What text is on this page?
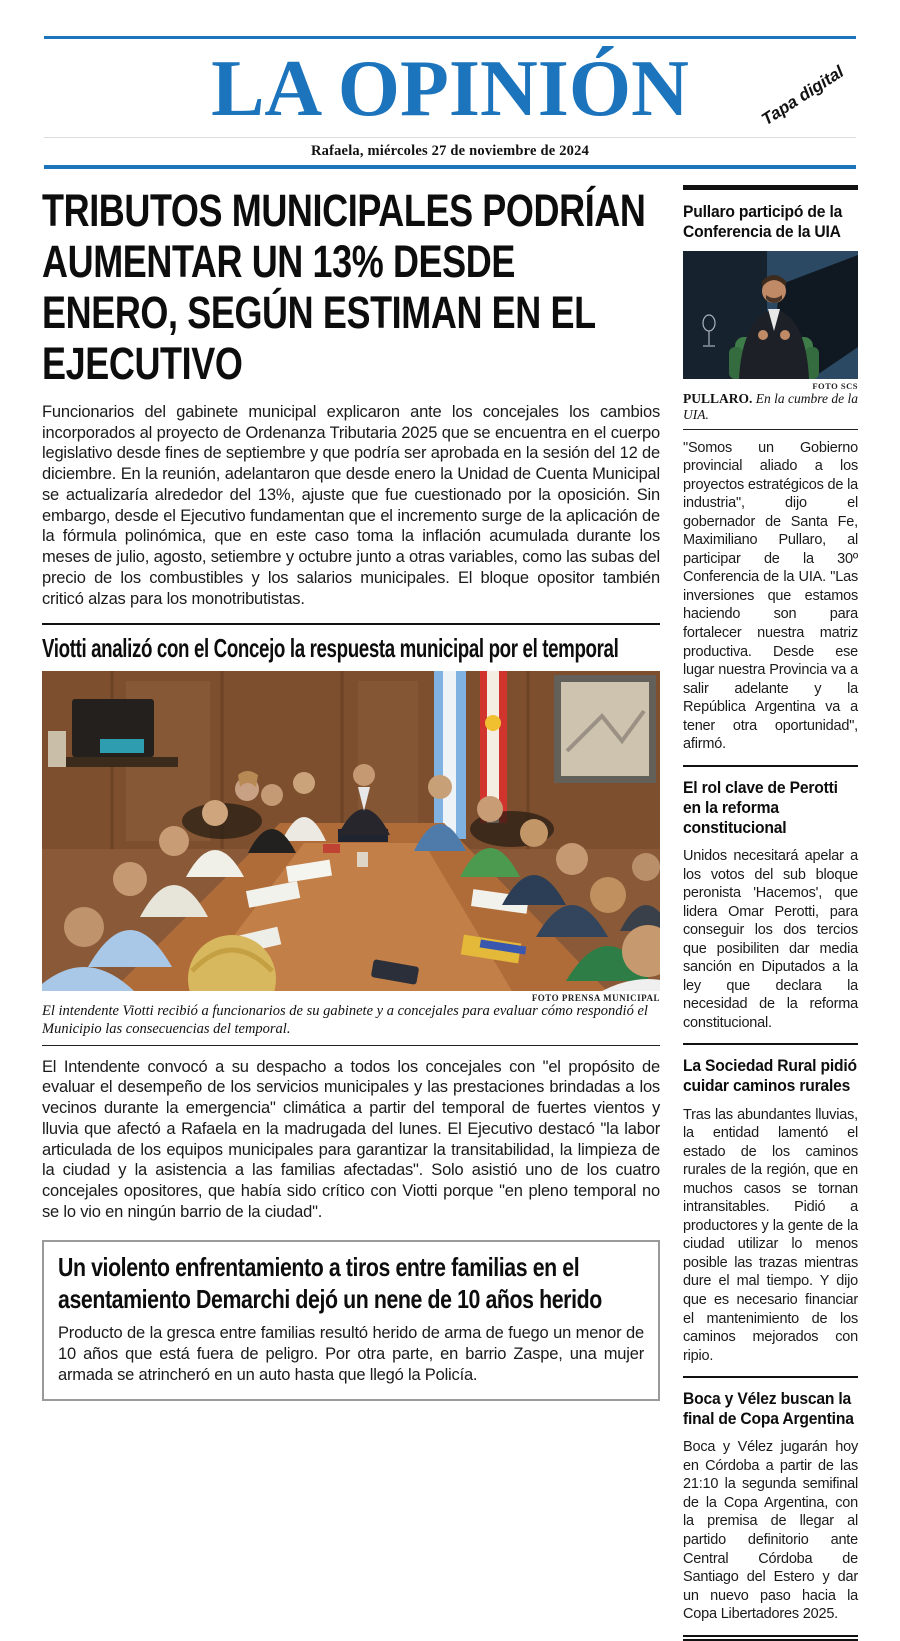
LA OPINIÓN	Tapa digital
Rafaela, miércoles 27 de noviembre de 2024
TRIBUTOS MUNICIPALES PODRÍAN AUMENTAR UN 13% DESDE ENERO, SEGÚN ESTIMAN EN EL EJECUTIVO

Funcionarios del gabinete municipal explicaron ante los concejales los cambios incorporados al proyecto de Ordenanza Tributaria 2025 que se encuentra en el cuerpo legislativo desde fines de septiembre y que podría ser aprobada en la sesión del 12 de diciembre. En la reunión, adelantaron que desde enero la Unidad de Cuenta Municipal se actualizaría alrededor del 13%, ajuste que fue cuestionado por la oposición. Sin embargo, desde el Ejecutivo fundamentan que el incremento surge de la aplicación de la fórmula polinómica, que en este caso toma la inflación acumulada durante los meses de julio, agosto, setiembre y octubre junto a otras variables, como las subas del precio de los combustibles y los salarios municipales. El bloque opositor también criticó alzas para los monotributistas.

Viotti analizó con el Concejo la respuesta municipal por el temporal
FOTO PRENSA MUNICIPAL
El intendente Viotti recibió a funcionarios de su gabinete y a concejales para evaluar cómo respondió el Municipio las consecuencias del temporal.

El Intendente convocó a su despacho a todos los concejales con "el propósito de evaluar el desempeño de los servicios municipales y las prestaciones brindadas a los vecinos durante la emergencia" climática a partir del temporal de fuertes vientos y lluvia que afectó a Rafaela en la madrugada del lunes. El Ejecutivo destacó "la labor articulada de los equipos municipales para garantizar la transitabilidad, la limpieza de la ciudad y la asistencia a las familias afectadas". Solo asistió uno de los cuatro concejales opositores, que había sido crítico con Viotti porque "en pleno temporal no se lo vio en ningún barrio de la ciudad".

Un violento enfrentamiento a tiros entre familias en el asentamiento Demarchi dejó un nene de 10 años herido

Producto de la gresca entre familias resultó herido de arma de fuego un menor de 10 años que está fuera de peligro. Por otra parte, en barrio Zaspe, una mujer armada se atrincheró en un auto hasta que llegó la Policía.

Pullaro participó de la Conferencia de la UIA
FOTO SCS
PULLARO. En la cumbre de la UIA.

"Somos un Gobierno provincial aliado a los proyectos estratégicos de la industria", dijo el gobernador de Santa Fe, Maximiliano Pullaro, al participar de la 30º Conferencia de la UIA. "Las inversiones que estamos haciendo son para fortalecer nuestra matriz productiva. Desde ese lugar nuestra Provincia va a salir adelante y la República Argentina va a tener otra oportunidad", afirmó.

El rol clave de Perotti en la reforma constitucional

Unidos necesitará apelar a los votos del sub bloque peronista 'Hacemos', que lidera Omar Perotti, para conseguir los dos tercios que posibiliten dar media sanción en Diputados a la ley que declara la necesidad de la reforma constitucional.

La Sociedad Rural pidió cuidar caminos rurales

Tras las abundantes lluvias, la entidad lamentó el estado de los caminos rurales de la región, que en muchos casos se tornan intransitables. Pidió a productores y la gente de la ciudad utilizar lo menos posible las trazas mientras dure el mal tiempo. Y dijo que es necesario financiar el mantenimiento de los caminos mejorados con ripio.

Boca y Vélez buscan la final de Copa Argentina

Boca y Vélez jugarán hoy en Córdoba a partir de las 21:10 la segunda semifinal de la Copa Argentina, con la premisa de llegar al partido definitorio ante Central Córdoba de Santiago del Estero y dar un nuevo paso hacia la Copa Libertadores 2025.
